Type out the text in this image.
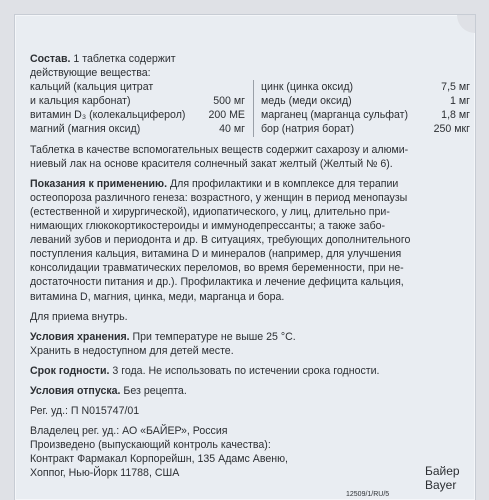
Состав. 1 таблетка содержит
действующие вещества:
кальций (кальция цитрат
и кальция карбонат)	500 мг
витамин D₃ (колекальциферол) 200 МЕ
магний (магния оксид)	40 мг
цинк (цинка оксид)	7,5 мг
медь (меди оксид)	1 мг
марганец (марганца сульфат)	1,8 мг
бор (натрия борат)	250 мкг
Таблетка в качестве вспомогательных веществ содержит сахарозу и алюми-
ниевый лак на основе красителя солнечный закат желтый (Желтый № 6).
Показания к применению. Для профилактики и в комплексе для терапии
остеопороза различного генеза: возрастного, у женщин в период менопаузы
(естественной и хирургической), идиопатического, у лиц, длительно при-
нимающих глюкокортикостероиды и иммунодепрессанты; а также забо-
леваний зубов и периодонта и др. В ситуациях, требующих дополнительного
поступления кальция, витамина D и минералов (например, для улучшения
консолидации травматических переломов, во время беременности, при не-
достаточности питания и др.). Профилактика и лечение дефицита кальция,
витамина D, магния, цинка, меди, марганца и бора.
Для приема внутрь.
Условия хранения. При температуре не выше 25 °С.
Хранить в недоступном для детей месте.
Срок годности. 3 года. Не использовать по истечении срока годности.
Условия отпуска. Без рецепта.
Рег. уд.: П N015747/01
Владелец рег. уд.: АО «БАЙЕР», Россия
Произведено (выпускающий контроль качества):
Контракт Фармакал Корпорейшн, 135 Адамс Авеню,
Хоппог, Нью-Йорк 11788, США	Байер
Bayer
12509/1/RU/5
